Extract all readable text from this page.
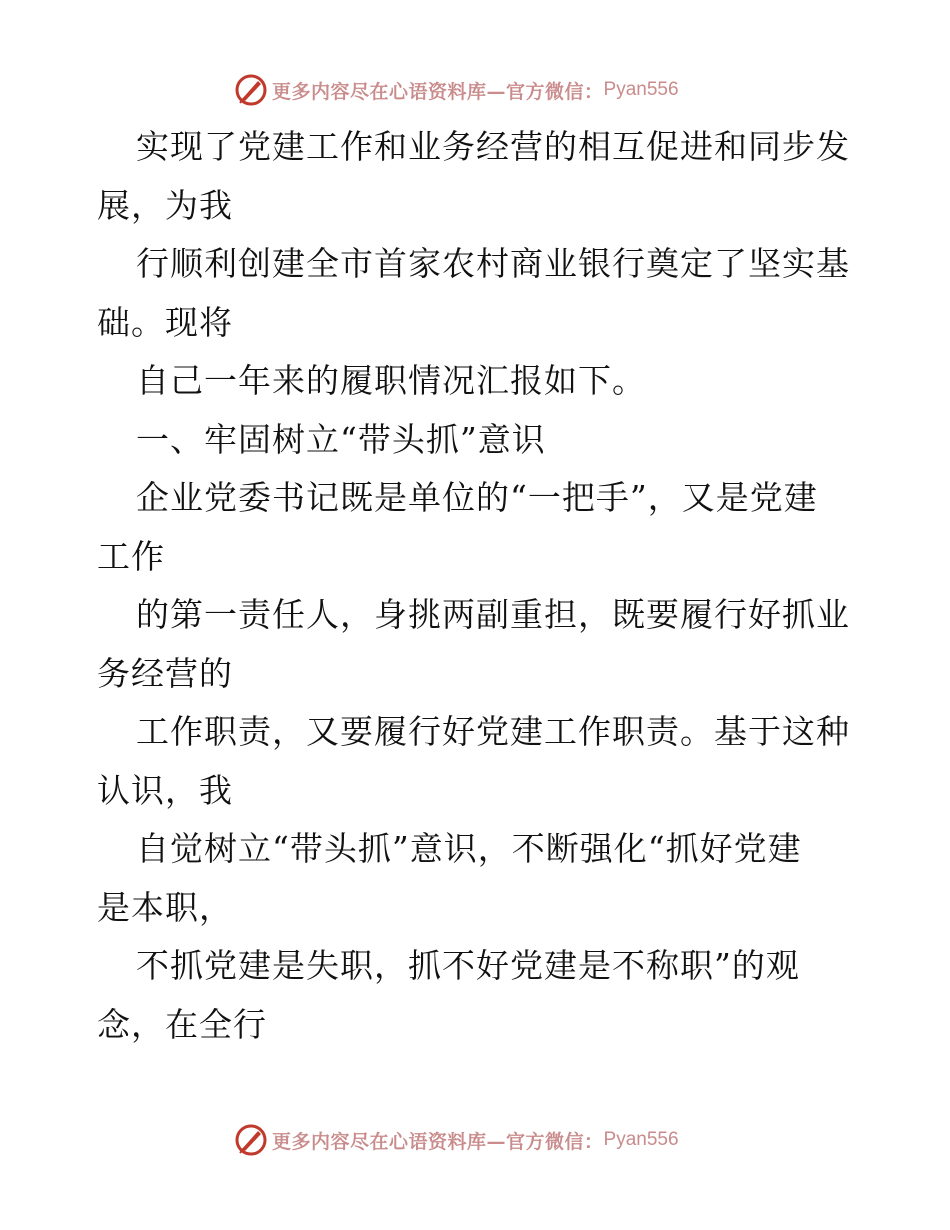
更多内容尽在心语资料库—官方微信： Pyan556
实现了党建工作和业务经营的相互促进和同步发
展，为我
行顺利创建全市首家农村商业银行奠定了坚实基
础。现将
自己一年来的履职情况汇报如下。
一、牢固树立“带头抓”意识
企业党委书记既是单位的“一把手”，又是党建
工作
的第一责任人，身挑两副重担，既要履行好抓业
务经营的
工作职责，又要履行好党建工作职责。基于这种
认识，我
自觉树立“带头抓”意识，不断强化“抓好党建
是本职，
不抓党建是失职，抓不好党建是不称职”的观
念，在全行
更多内容尽在心语资料库—官方微信： Pyan556
